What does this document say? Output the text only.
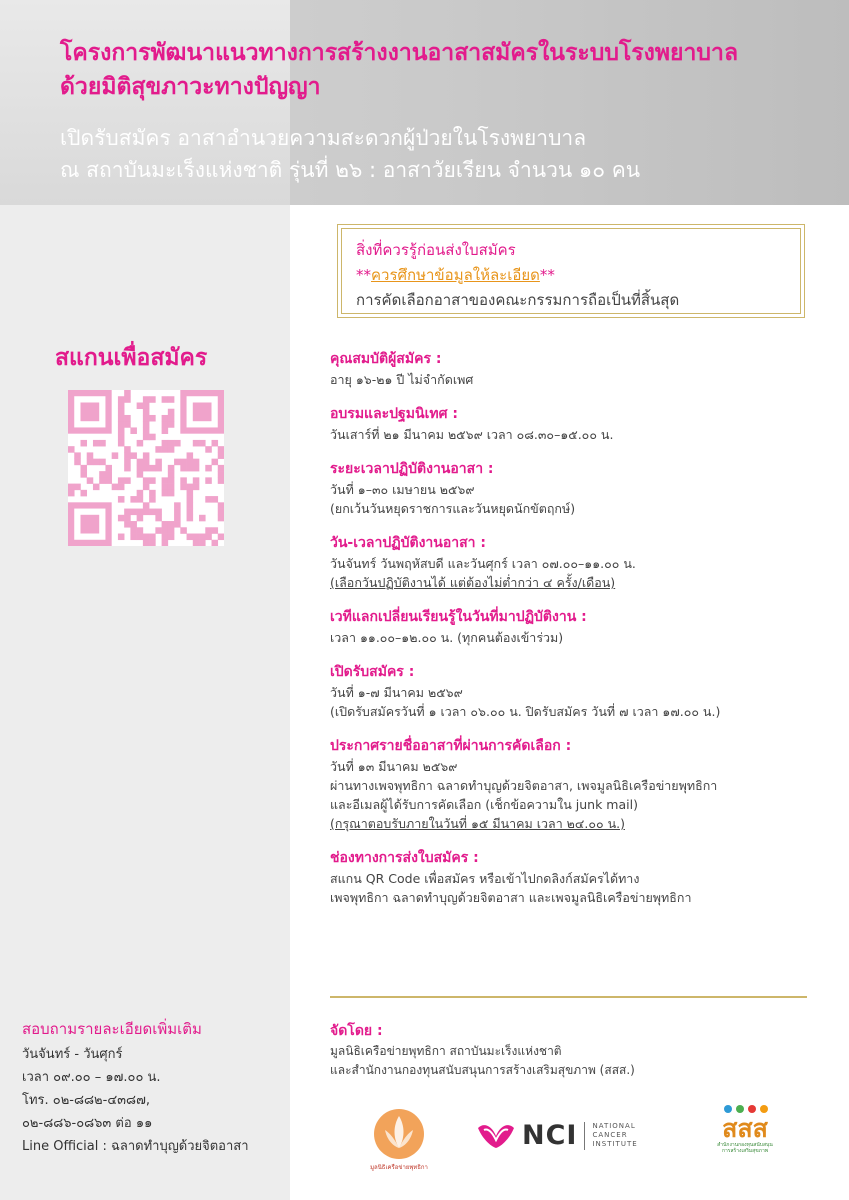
โครงการพัฒนาแนวทางการสร้างงานอาสาสมัครในระบบโรงพยาบาล
ด้วยมิติสุขภาวะทางปัญญา
เปิดรับสมัคร อาสาอำนวยความสะดวกผู้ป่วยในโรงพยาบาล
ณ สถาบันมะเร็งแห่งชาติ รุ่นที่ ๒๖ : อาสาวัยเรียน จำนวน ๑๐ คน
สแกนเพื่อสมัคร
สิ่งที่ควรรู้ก่อนส่งใบสมัคร
**ควรศึกษาข้อมูลให้ละเอียด**
การคัดเลือกอาสาของคณะกรรมการถือเป็นที่สิ้นสุด
คุณสมบัติผู้สมัคร :
อายุ ๑๖-๒๑ ปี ไม่จำกัดเพศ
อบรมและปฐมนิเทศ :
วันเสาร์ที่ ๒๑ มีนาคม ๒๕๖๙ เวลา ๐๘.๓๐–๑๕.๐๐ น.
ระยะเวลาปฏิบัติงานอาสา :
วันที่ ๑–๓๐ เมษายน ๒๕๖๙
(ยกเว้นวันหยุดราชการและวันหยุดนักขัตฤกษ์)
วัน-เวลาปฏิบัติงานอาสา :
วันจันทร์ วันพฤหัสบดี และวันศุกร์ เวลา ๐๗.๐๐–๑๑.๐๐ น.
(เลือกวันปฏิบัติงานได้ แต่ต้องไม่ต่ำกว่า ๔ ครั้ง/เดือน)
เวทีแลกเปลี่ยนเรียนรู้ในวันที่มาปฏิบัติงาน :
เวลา ๑๑.๐๐–๑๒.๐๐ น. (ทุกคนต้องเข้าร่วม)
เปิดรับสมัคร :
วันที่ ๑-๗ มีนาคม ๒๕๖๙
(เปิดรับสมัครวันที่ ๑ เวลา ๐๖.๐๐ น. ปิดรับสมัคร วันที่ ๗ เวลา ๑๗.๐๐ น.)
ประกาศรายชื่ออาสาที่ผ่านการคัดเลือก :
วันที่ ๑๓ มีนาคม ๒๕๖๙
ผ่านทางเพจพุทธิกา ฉลาดทำบุญด้วยจิตอาสา, เพจมูลนิธิเครือข่ายพุทธิกา
และอีเมลผู้ได้รับการคัดเลือก (เช็กข้อความใน junk mail)
(กรุณาตอบรับภายในวันที่ ๑๕ มีนาคม เวลา ๒๔.๐๐ น.)
ช่องทางการส่งใบสมัคร :
สแกน QR Code เพื่อสมัคร หรือเข้าไปกดลิงก์สมัครได้ทาง
เพจพุทธิกา ฉลาดทำบุญด้วยจิตอาสา และเพจมูลนิธิเครือข่ายพุทธิกา
จัดโดย :
มูลนิธิเครือข่ายพุทธิกา สถาบันมะเร็งแห่งชาติ
และสำนักงานกองทุนสนับสนุนการสร้างเสริมสุขภาพ (สสส.)
สอบถามรายละเอียดเพิ่มเติม
วันจันทร์ - วันศุกร์
เวลา ๐๙.๐๐ – ๑๗.๐๐ น.
โทร. ๐๒-๘๘๒-๔๓๘๗,
๐๒-๘๘๖-๐๘๖๓ ต่อ ๑๑
Line Official : ฉลาดทำบุญด้วยจิตอาสา
มูลนิธิเครือข่ายพุทธิกา
NCI NATIONAL
CANCER
INSTITUTE
สสส
สำนักงานกองทุนสนับสนุน
การสร้างเสริมสุขภาพ
